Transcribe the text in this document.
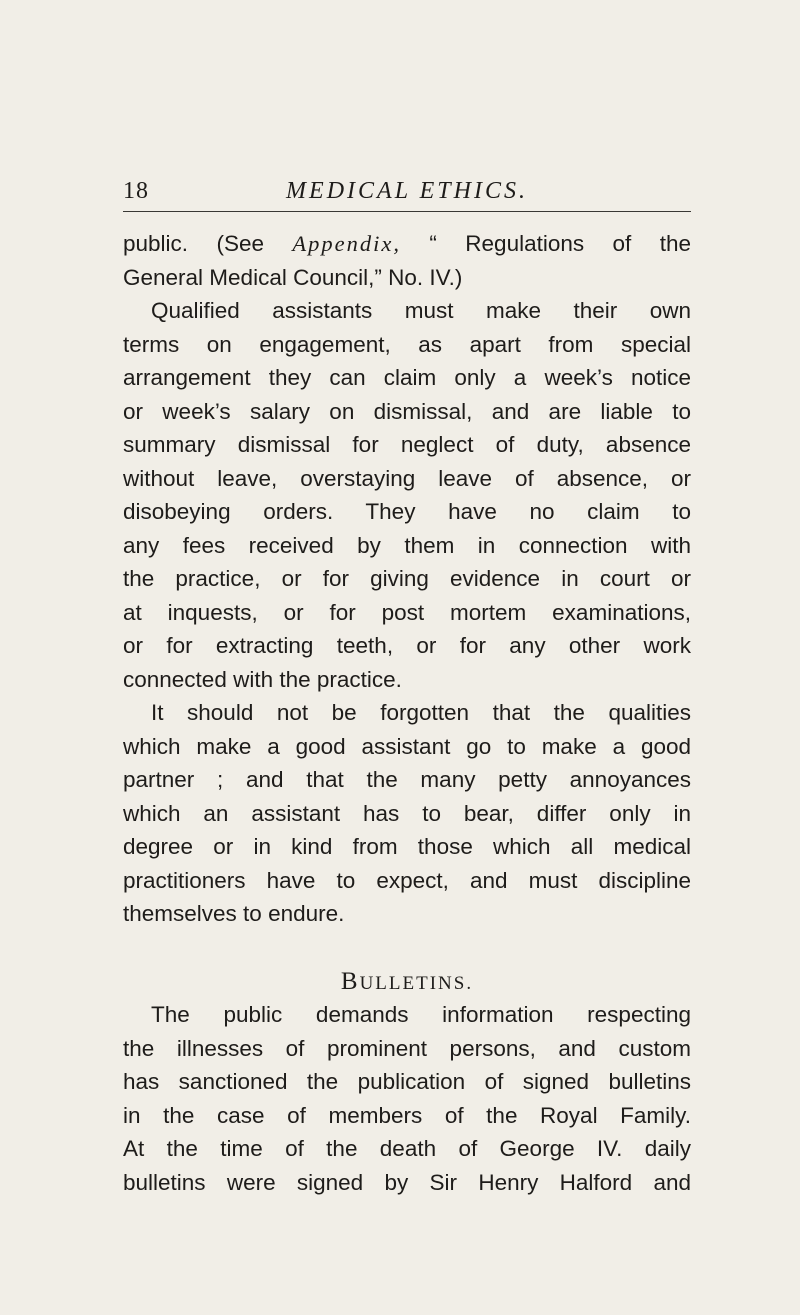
18	MEDICAL ETHICS.
public. (See Appendix, “ Regulations of the
General Medical Council,” No. IV.)
Qualified assistants must make their own
terms on engagement, as apart from special
arrangement they can claim only a week’s notice
or week’s salary on dismissal, and are liable to
summary dismissal for neglect of duty, absence
without leave, overstaying leave of absence, or
disobeying orders. They have no claim to
any fees received by them in connection with
the practice, or for giving evidence in court or
at inquests, or for post mortem examinations,
or for extracting teeth, or for any other work
connected with the practice.
It should not be forgotten that the qualities
which make a good assistant go to make a good
partner ; and that the many petty annoyances
which an assistant has to bear, differ only in
degree or in kind from those which all medical
practitioners have to expect, and must discipline
themselves to endure.
BULLETINS.
The public demands information respecting
the illnesses of prominent persons, and custom
has sanctioned the publication of signed bulletins
in the case of members of the Royal Family.
At the time of the death of George IV. daily
bulletins were signed by Sir Henry Halford and
